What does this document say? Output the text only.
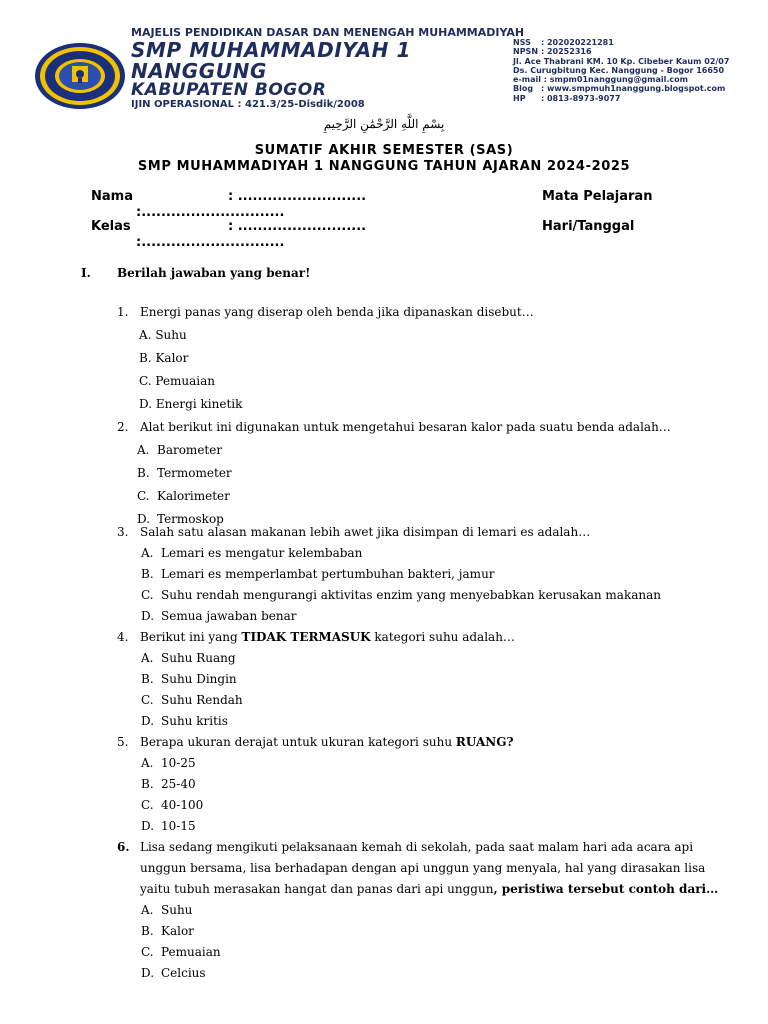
MAJELIS PENDIDIKAN DASAR DAN MENENGAH MUHAMMADIYAH
SMP MUHAMMADIYAH 1
NANGGUNG
KABUPATEN BOGOR
IJIN OPERASIONAL : 421.3/25-Disdik/2008
NSS : 202020221281
NPSN : 20252316
Jl. Ace Thabrani KM. 10 Kp. Cibeber Kaum 02/07
Ds. Curugbitung Kec. Nanggung - Bogor 16650
e-mail : smpm01nanggung@gmail.com
Blog : www.smpmuh1nanggung.blogspot.com
HP : 0813-8973-9077
بِسْمِ اللَّهِ الرَّحْمَٰنِ الرَّحِيمِ
SUMATIF AKHIR SEMESTER (SAS)
SMP MUHAMMADIYAH 1 NANGGUNG TAHUN AJARAN 2024-2025
Nama	: ..........................	Mata Pelajaran
:.............................
Kelas	: ..........................	Hari/Tanggal
:.............................
I. Berilah jawaban yang benar!
1. Energi panas yang diserap oleh benda jika dipanaskan disebut…
A. Suhu
B. Kalor
C. Pemuaian
D. Energi kinetik
2. Alat berikut ini digunakan untuk mengetahui besaran kalor pada suatu benda adalah…
A. Barometer
B. Termometer
C. Kalorimeter
D. Termoskop
3. Salah satu alasan makanan lebih awet jika disimpan di lemari es adalah…
A. Lemari es mengatur kelembaban
B. Lemari es memperlambat pertumbuhan bakteri, jamur
C. Suhu rendah mengurangi aktivitas enzim yang menyebabkan kerusakan makanan
D. Semua jawaban benar
4. Berikut ini yang TIDAK TERMASUK kategori suhu adalah…
A. Suhu Ruang
B. Suhu Dingin
C. Suhu Rendah
D. Suhu kritis
5. Berapa ukuran derajat untuk ukuran kategori suhu RUANG?
A. 10-25
B. 25-40
C. 40-100
D. 10-15
6. Lisa sedang mengikuti pelaksanaan kemah di sekolah, pada saat malam hari ada acara api
unggun bersama, lisa berhadapan dengan api unggun yang menyala, hal yang dirasakan lisa
yaitu tubuh merasakan hangat dan panas dari api unggun, peristiwa tersebut contoh dari…
A. Suhu
B. Kalor
C. Pemuaian
D. Celcius
